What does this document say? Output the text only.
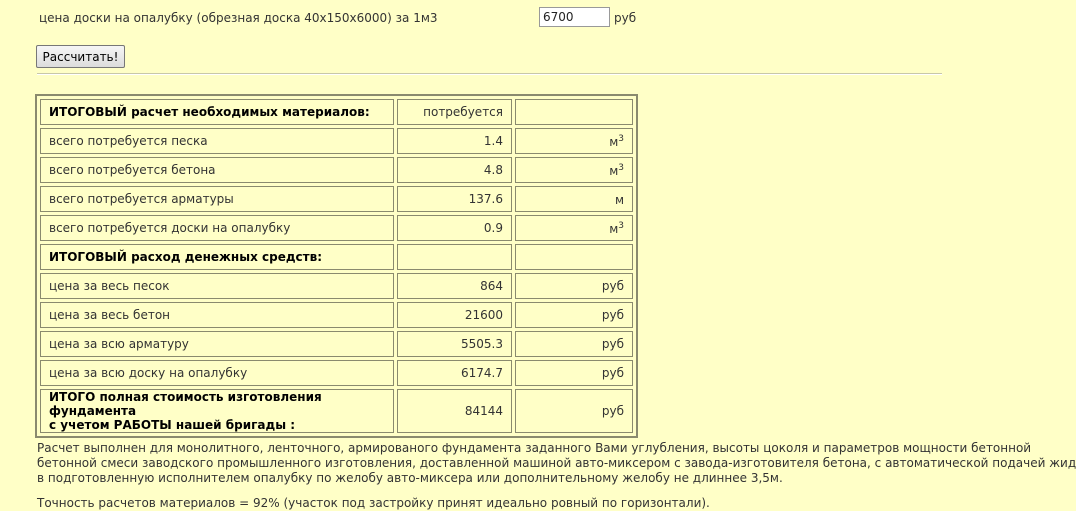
цена доски на опалубку (обрезная доска 40x150x6000) за 1м3
6700	руб
Рассчитать!
ИТОГОВЫЙ расчет необходимых материалов:	потребуется	
всего потребуется песка	1.4	$м^3$
всего потребуется бетона	4.8	$м^3$
всего потребуется арматуры	137.6	м
всего потребуется доски на опалубку	0.9	$м^3$
ИТОГОВЫЙ расход денежных средств:		
цена за весь песок	864	руб
цена за весь бетон	21600	руб
цена за всю арматуру	5505.3	руб
цена за всю доску на опалубку	6174.7	руб

ИТОГО полная стоимость изготовления фундамента
с учетом РАБОТЫ нашей бригады :	84144	руб
Расчет выполнен для монолитного, ленточного, армированого фундамента заданного Вами углубления, высоты цоколя и параметров мощности бетонной
бетонной смеси заводского промышленного изготовления, доставленной машиной авто-миксером с завода-изготовителя бетона, с автоматической подачей жид
в подготовленную исполнителем опалубку по желобу авто-миксера или дополнительному желобу не длиннее 3,5м.
Точность расчетов материалов = 92% (участок под застройку принят идеально ровный по горизонтали).
